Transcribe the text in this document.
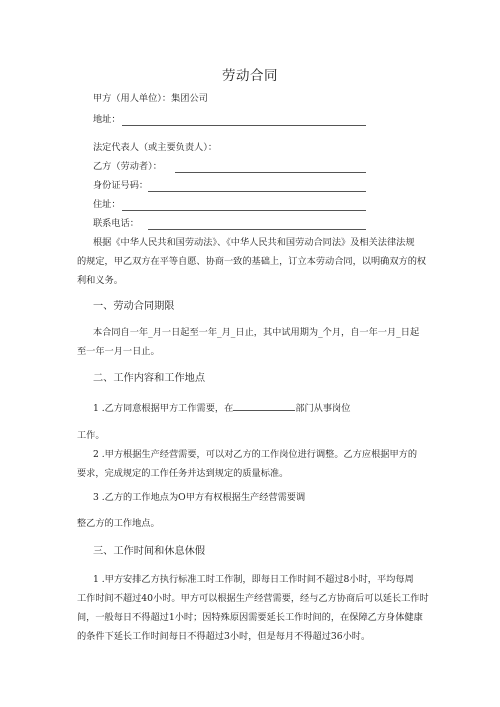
劳动合同
甲方（用人单位）：集团公司
地址：
法定代表人（或主要负责人）：
乙方（劳动者）：
身份证号码：
住址：
联系电话：
根据《中华人民共和国劳动法》、《中华人民共和国劳动合同法》及相关法律法规
的规定，甲乙双方在平等自愿、协商一致的基础上，订立本劳动合同，以明确双方的权
利和义务。
一、劳动合同期限
本合同自一年_月一日起至一年_月_日止，其中试用期为_个月，自一年一月_日起
至一年一月一日止。
二、工作内容和工作地点
1 .乙方同意根据甲方工作需要，在	部门从事岗位
工作。
2 .甲方根据生产经营需要，可以对乙方的工作岗位进行调整。乙方应根据甲方的
要求，完成规定的工作任务并达到规定的质量标准。
3 .乙方的工作地点为O甲方有权根据生产经营需要调
整乙方的工作地点。
三、工作时间和休息休假
1 .甲方安排乙方执行标准工时工作制，即每日工作时间不超过8小时，平均每周
工作时间不超过40小时。甲方可以根据生产经营需要，经与乙方协商后可以延长工作时
间，一般每日不得超过1小时；因特殊原因需要延长工作时间的，在保障乙方身体健康
的条件下延长工作时间每日不得超过3小时，但是每月不得超过36小时。
